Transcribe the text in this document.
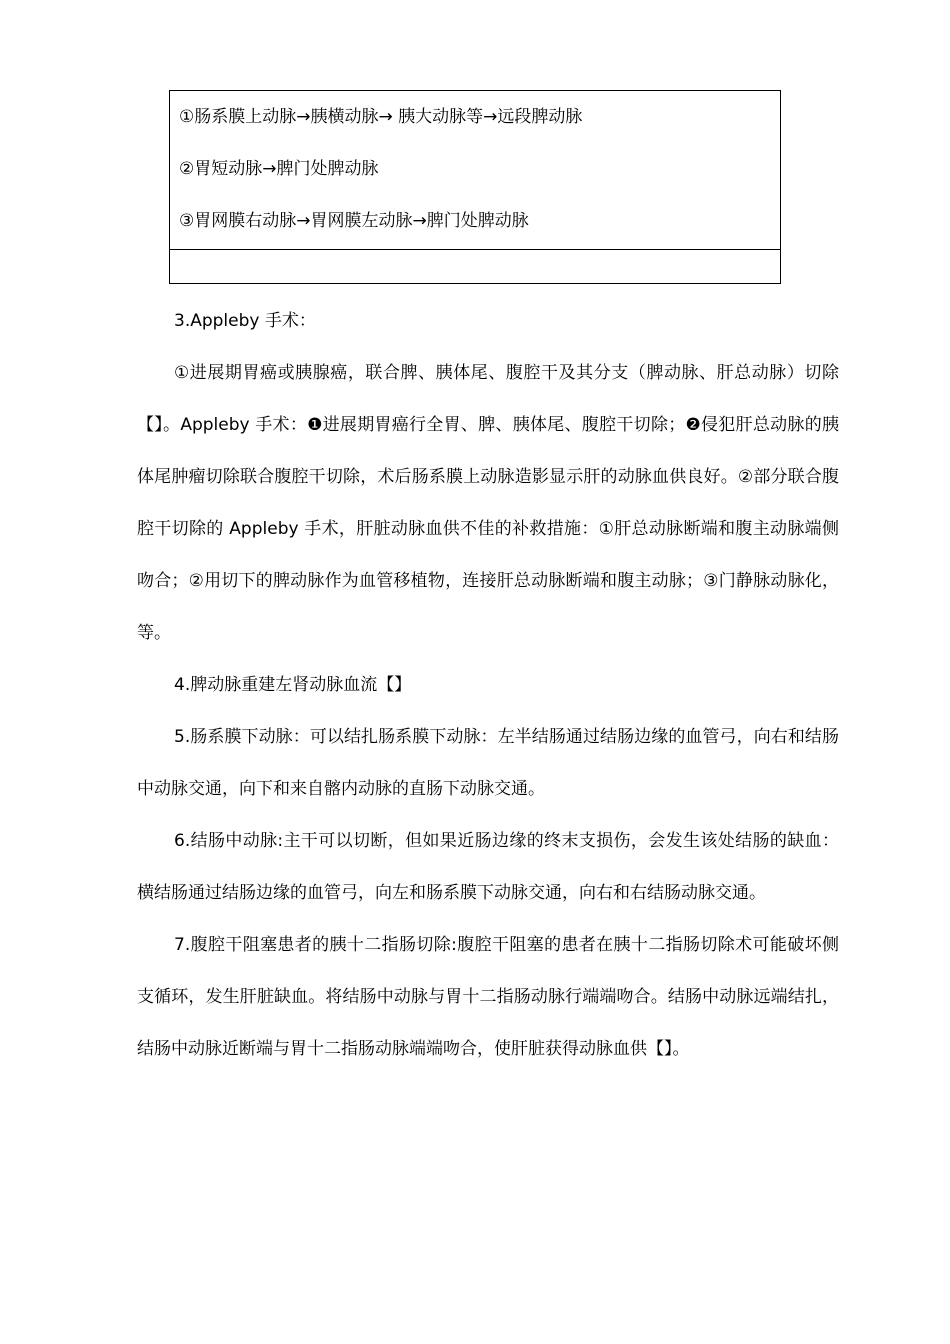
①肠系膜上动脉→胰横动脉→ 胰大动脉等→远段脾动脉
②胃短动脉→脾门处脾动脉
③胃网膜右动脉→胃网膜左动脉→脾门处脾动脉

3.Appleby 手术：

①进展期胃癌或胰腺癌，联合脾、胰体尾、腹腔干及其分支（脾动脉、肝总动脉）切除【】。Appleby 手术：❶进展期胃癌行全胃、脾、胰体尾、腹腔干切除；❷侵犯肝总动脉的胰体尾肿瘤切除联合腹腔干切除，术后肠系膜上动脉造影显示肝的动脉血供良好。②部分联合腹腔干切除的 Appleby 手术，肝脏动脉血供不佳的补救措施：①肝总动脉断端和腹主动脉端侧吻合；②用切下的脾动脉作为血管移植物，连接肝总动脉断端和腹主动脉；③门静脉动脉化，等。

4.脾动脉重建左肾动脉血流【】

5.肠系膜下动脉：可以结扎肠系膜下动脉：左半结肠通过结肠边缘的血管弓，向右和结肠中动脉交通，向下和来自髂内动脉的直肠下动脉交通。

6.结肠中动脉:主干可以切断，但如果近肠边缘的终末支损伤，会发生该处结肠的缺血：横结肠通过结肠边缘的血管弓，向左和肠系膜下动脉交通，向右和右结肠动脉交通。

7.腹腔干阻塞患者的胰十二指肠切除:腹腔干阻塞的患者在胰十二指肠切除术可能破坏侧支循环，发生肝脏缺血。将结肠中动脉与胃十二指肠动脉行端端吻合。结肠中动脉远端结扎，结肠中动脉近断端与胃十二指肠动脉端端吻合，使肝脏获得动脉血供【】。
